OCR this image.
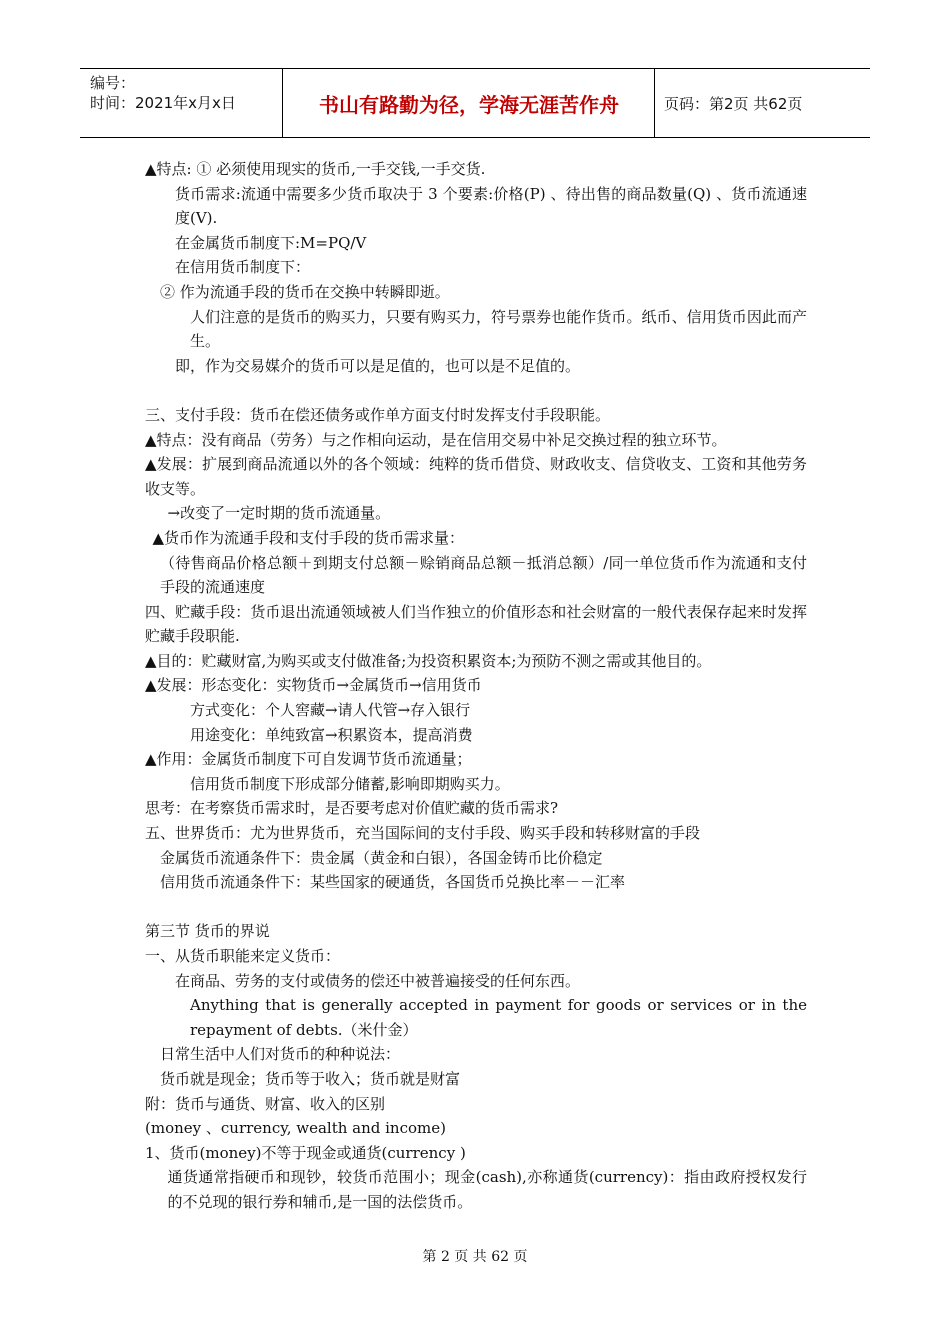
编号：
时间：2021年x月x日	书山有路勤为径，学海无涯苦作舟	页码：第2页 共62页

▲特点: ① 必须使用现实的货币,一手交钱,一手交货.

货币需求:流通中需要多少货币取决于 3 个要素:价格(P) 、待出售的商品数量(Q) 、货币流通速度(V).

在金属货币制度下:M=PQ/V

在信用货币制度下：

② 作为流通手段的货币在交换中转瞬即逝。

人们注意的是货币的购买力，只要有购买力，符号票券也能作货币。纸币、信用货币因此而产生。

即，作为交易媒介的货币可以是足值的，也可以是不足值的。

三、支付手段：货币在偿还债务或作单方面支付时发挥支付手段职能。

▲特点：没有商品（劳务）与之作相向运动，是在信用交易中补足交换过程的独立环节。

▲发展：扩展到商品流通以外的各个领域：纯粹的货币借贷、财政收支、信贷收支、工资和其他劳务收支等。

→改变了一定时期的货币流通量。

▲货币作为流通手段和支付手段的货币需求量：

（待售商品价格总额＋到期支付总额－赊销商品总额－抵消总额）/同一单位货币作为流通和支付手段的流通速度

四、贮藏手段：货币退出流通领域被人们当作独立的价值形态和社会财富的一般代表保存起来时发挥贮藏手段职能.

▲目的：贮藏财富,为购买或支付做准备;为投资积累资本;为预防不测之需或其他目的。

▲发展：形态变化：实物货币→金属货币→信用货币

方式变化：个人窖藏→请人代管→存入银行

用途变化：单纯致富→积累资本，提高消费

▲作用：金属货币制度下可自发调节货币流通量；

信用货币制度下形成部分储蓄,影响即期购买力。

思考：在考察货币需求时，是否要考虑对价值贮藏的货币需求?

五、世界货币：尤为世界货币，充当国际间的支付手段、购买手段和转移财富的手段

金属货币流通条件下：贵金属（黄金和白银），各国金铸币比价稳定

信用货币流通条件下：某些国家的硬通货，各国货币兑换比率－－汇率

第三节 货币的界说

一、从货币职能来定义货币：

在商品、劳务的支付或债务的偿还中被普遍接受的任何东西。

Anything that is generally accepted in payment for goods or services or in the repayment of debts.（米什金）

日常生活中人们对货币的种种说法：

货币就是现金；货币等于收入；货币就是财富

附：货币与通货、财富、收入的区别

(money 、currency, wealth and income)

1、货币(money)不等于现金或通货(currency )

通货通常指硬币和现钞，较货币范围小；现金(cash),亦称通货(currency)：指由政府授权发行的不兑现的银行券和辅币,是一国的法偿货币。

第 2 页 共 62 页
